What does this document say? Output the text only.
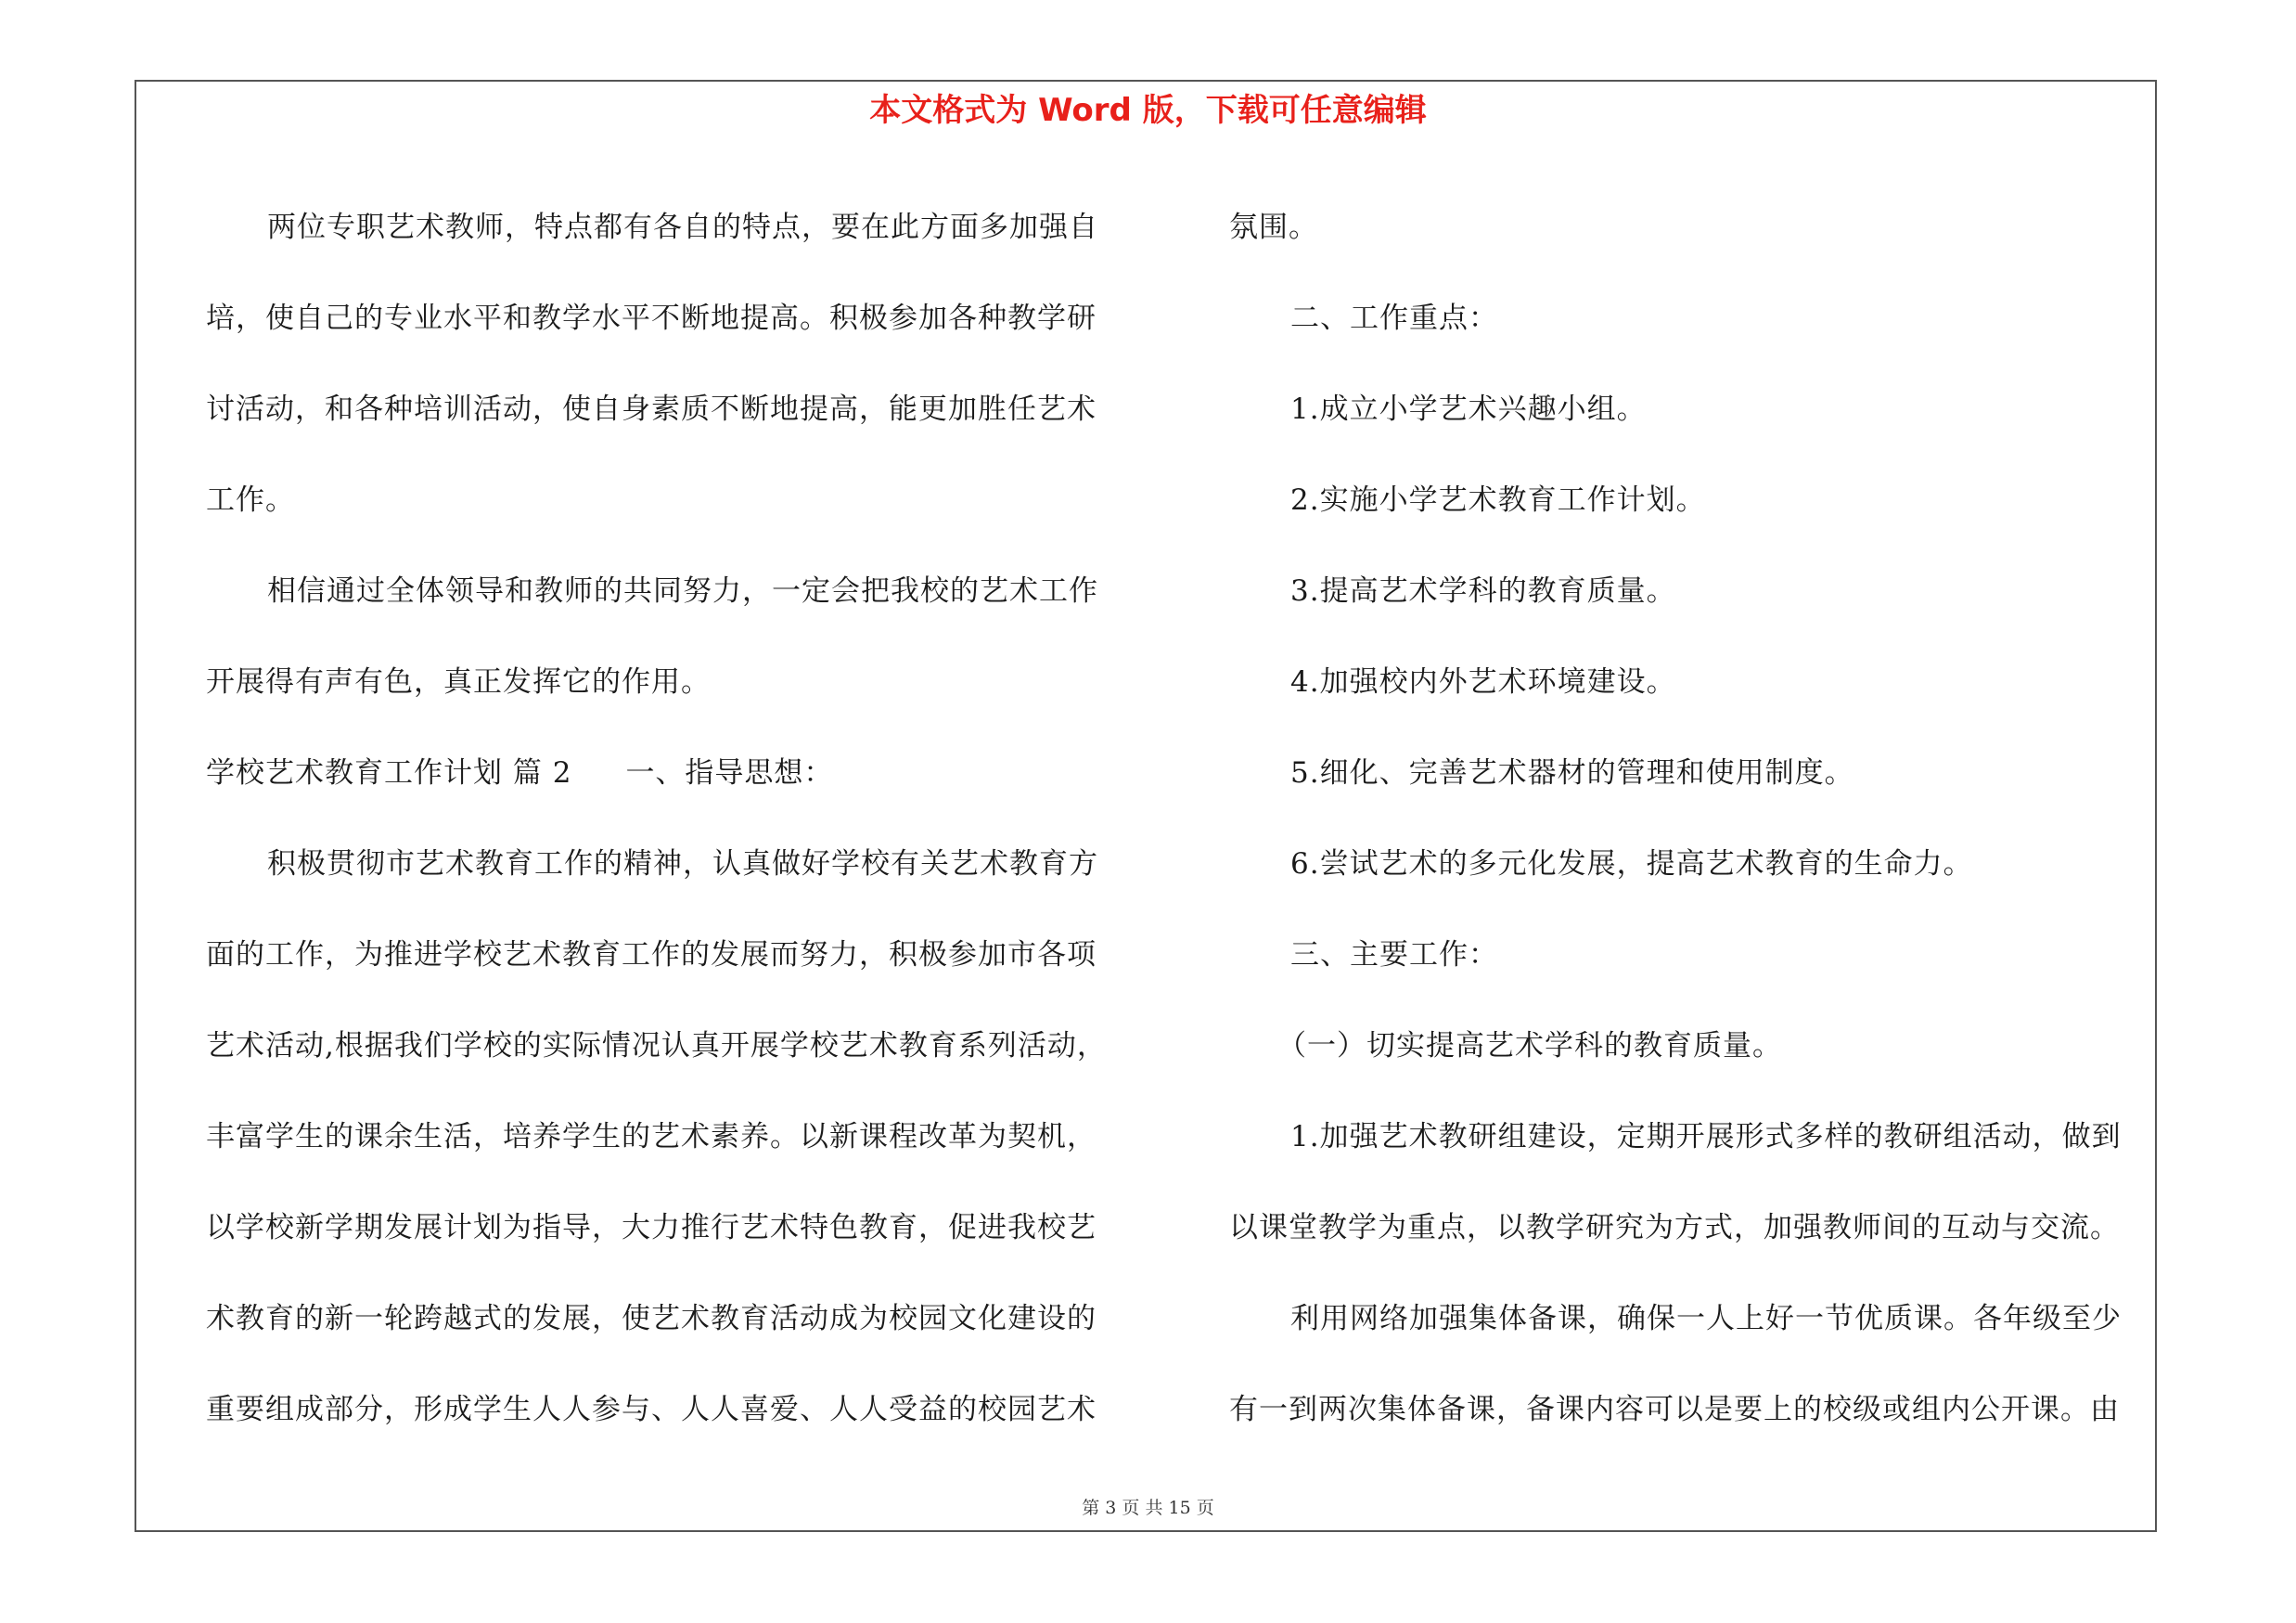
本文格式为 Word 版，下载可任意编辑
两位专职艺术教师，特点都有各自的特点，要在此方面多加强自
培，使自己的专业水平和教学水平不断地提高。积极参加各种教学研
讨活动，和各种培训活动，使自身素质不断地提高，能更加胜任艺术
工作。
相信通过全体领导和教师的共同努力，一定会把我校的艺术工作
开展得有声有色，真正发挥它的作用。
学校艺术教育工作计划 篇 2 一、指导思想：
积极贯彻市艺术教育工作的精神，认真做好学校有关艺术教育方
面的工作，为推进学校艺术教育工作的发展而努力，积极参加市各项
艺术活动,根据我们学校的实际情况认真开展学校艺术教育系列活动，
丰富学生的课余生活，培养学生的艺术素养。以新课程改革为契机，
以学校新学期发展计划为指导，大力推行艺术特色教育，促进我校艺
术教育的新一轮跨越式的发展，使艺术教育活动成为校园文化建设的
重要组成部分，形成学生人人参与、人人喜爱、人人受益的校园艺术
氛围。
二、工作重点：
1.成立小学艺术兴趣小组。
2.实施小学艺术教育工作计划。
3.提高艺术学科的教育质量。
4.加强校内外艺术环境建设。
5.细化、完善艺术器材的管理和使用制度。
6.尝试艺术的多元化发展，提高艺术教育的生命力。
三、主要工作：
（一）切实提高艺术学科的教育质量。
1.加强艺术教研组建设，定期开展形式多样的教研组活动，做到
以课堂教学为重点，以教学研究为方式，加强教师间的互动与交流。
利用网络加强集体备课，确保一人上好一节优质课。各年级至少
有一到两次集体备课，备课内容可以是要上的校级或组内公开课。由
第 3 页 共 15 页
